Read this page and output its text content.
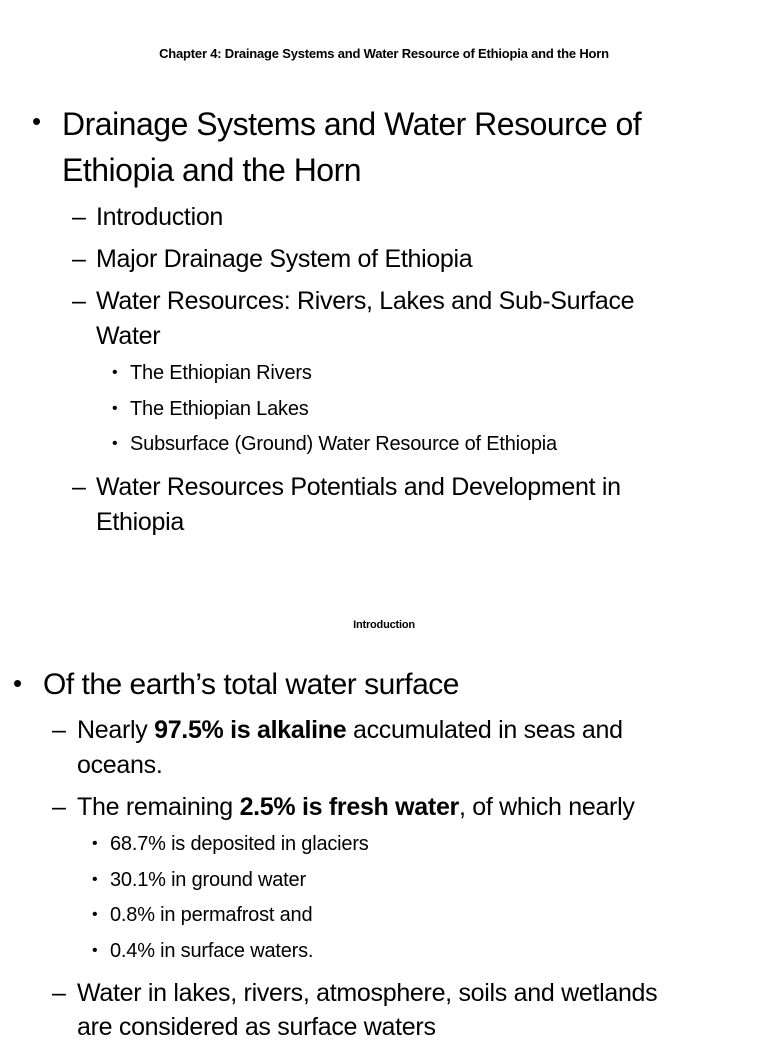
Chapter 4: Drainage Systems and Water Resource of Ethiopia and the Horn
• Drainage Systems and Water Resource of
Ethiopia and the Horn
– Introduction
– Major Drainage System of Ethiopia
– Water Resources: Rivers, Lakes and Sub-Surface
Water
• The Ethiopian Rivers
• The Ethiopian Lakes
• Subsurface (Ground) Water Resource of Ethiopia
– Water Resources Potentials and Development in
Ethiopia
Introduction
• Of the earth’s total water surface
– Nearly 97.5% is alkaline accumulated in seas and
oceans.
– The remaining 2.5% is fresh water, of which nearly
• 68.7% is deposited in glaciers
• 30.1% in ground water
• 0.8% in permafrost and
• 0.4% in surface waters.
– Water in lakes, rivers, atmosphere, soils and wetlands
are considered as surface waters
